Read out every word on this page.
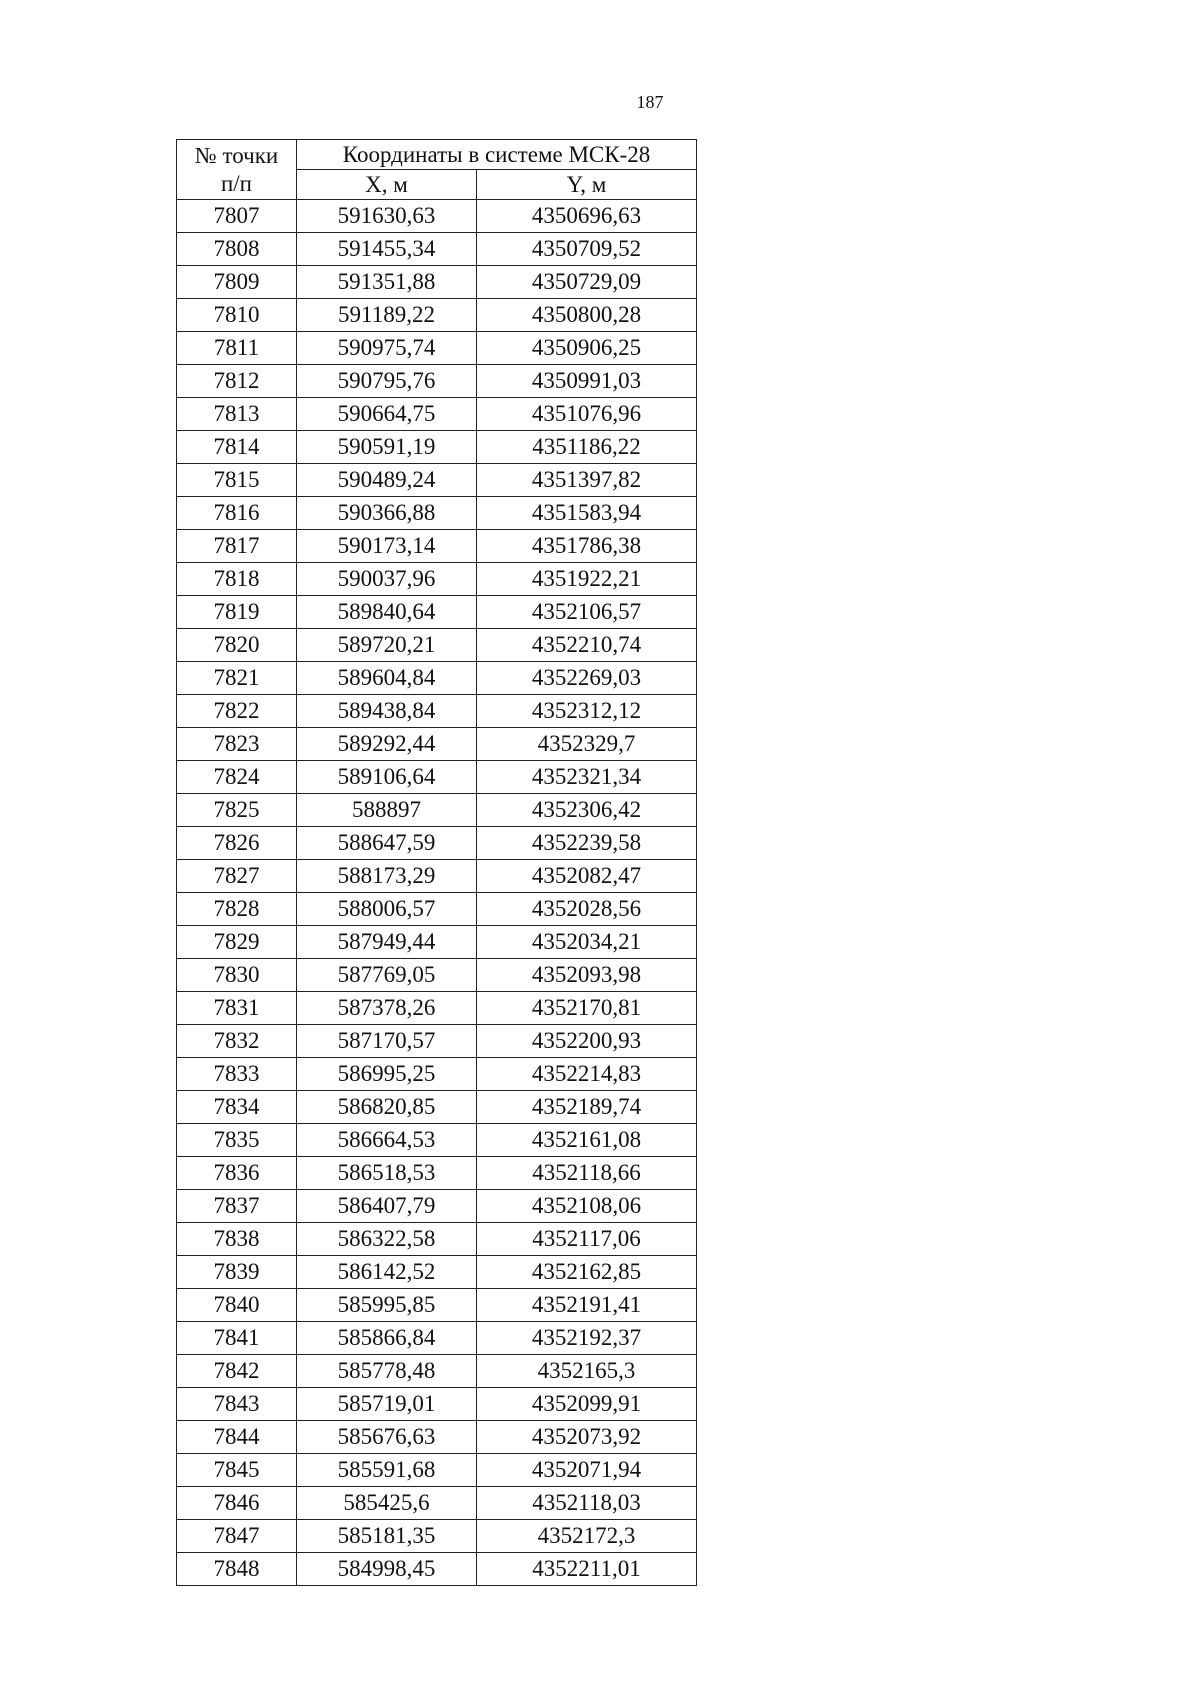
187
№ точки
п/п	Координаты в системе МСК-28	
	X, м	Y, м
7807	591630,63	4350696,63
7808	591455,34	4350709,52
7809	591351,88	4350729,09
7810	591189,22	4350800,28
7811	590975,74	4350906,25
7812	590795,76	4350991,03
7813	590664,75	4351076,96
7814	590591,19	4351186,22
7815	590489,24	4351397,82
7816	590366,88	4351583,94
7817	590173,14	4351786,38
7818	590037,96	4351922,21
7819	589840,64	4352106,57
7820	589720,21	4352210,74
7821	589604,84	4352269,03
7822	589438,84	4352312,12
7823	589292,44	4352329,7
7824	589106,64	4352321,34
7825	588897	4352306,42
7826	588647,59	4352239,58
7827	588173,29	4352082,47
7828	588006,57	4352028,56
7829	587949,44	4352034,21
7830	587769,05	4352093,98
7831	587378,26	4352170,81
7832	587170,57	4352200,93
7833	586995,25	4352214,83
7834	586820,85	4352189,74
7835	586664,53	4352161,08
7836	586518,53	4352118,66
7837	586407,79	4352108,06
7838	586322,58	4352117,06
7839	586142,52	4352162,85
7840	585995,85	4352191,41
7841	585866,84	4352192,37
7842	585778,48	4352165,3
7843	585719,01	4352099,91
7844	585676,63	4352073,92
7845	585591,68	4352071,94
7846	585425,6	4352118,03
7847	585181,35	4352172,3
7848	584998,45	4352211,01
